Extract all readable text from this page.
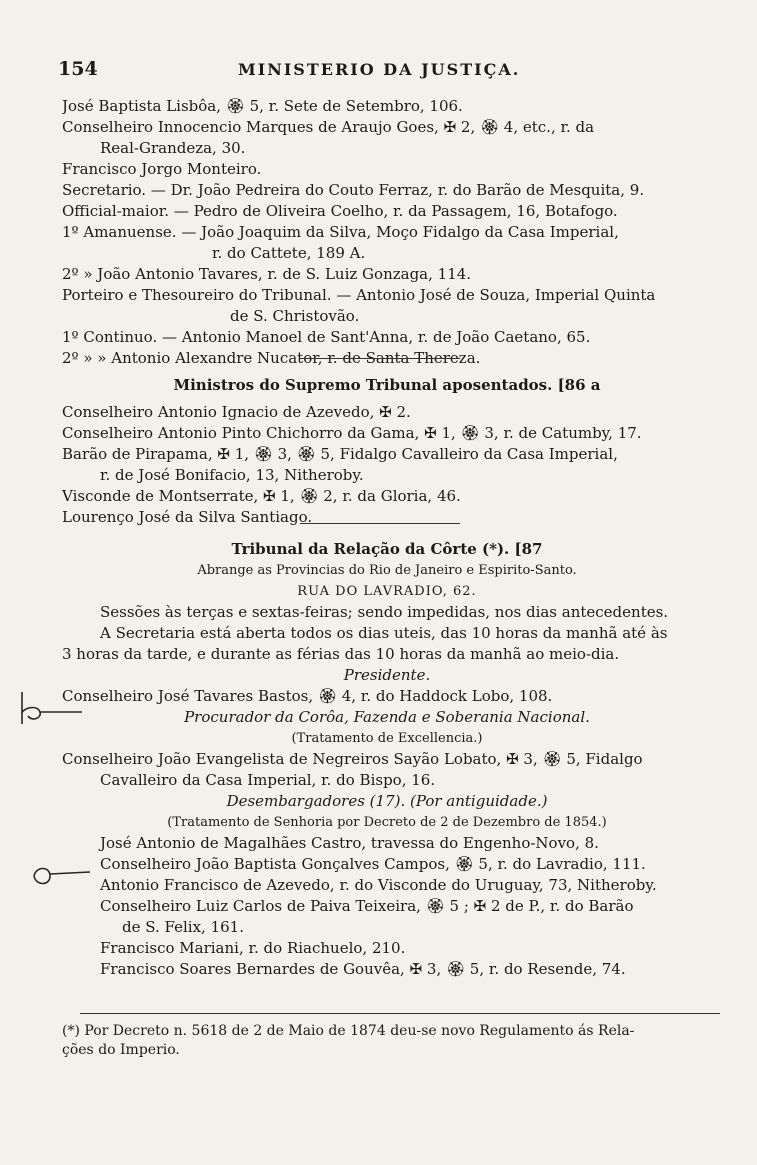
154	MINISTERIO DA JUSTIÇA.
José Baptista Lisbôa, 🏵 5, r. Sete de Setembro, 106.
Conselheiro Innocencio Marques de Araujo Goes, ✠ 2, 🏵 4, etc., r. da
Real-Grandeza, 30.
Francisco Jorgo Monteiro.
Secretario. — Dr. João Pedreira do Couto Ferraz, r. do Barão de Mesquita, 9.
Official-maior. — Pedro de Oliveira Coelho, r. da Passagem, 16, Botafogo.
1º Amanuense. — João Joaquim da Silva, Moço Fidalgo da Casa Imperial,
r. do Cattete, 189 A.
2º » João Antonio Tavares, r. de S. Luiz Gonzaga, 114.
Porteiro e Thesoureiro do Tribunal. — Antonio José de Souza, Imperial Quinta
de S. Christovão.
1º Continuo. — Antonio Manoel de Sant'Anna, r. de João Caetano, 65.
2º » » Antonio Alexandre Nucator, r. de Santa Thereza.
Ministros do Supremo Tribunal aposentados. [86 a
Conselheiro Antonio Ignacio de Azevedo, ✠ 2.
Conselheiro Antonio Pinto Chichorro da Gama, ✠ 1, 🏵 3, r. de Catumby, 17.
Barão de Pirapama, ✠ 1, 🏵 3, 🏵 5, Fidalgo Cavalleiro da Casa Imperial,
r. de José Bonifacio, 13, Nitheroby.
Visconde de Montserrate, ✠ 1, 🏵 2, r. da Gloria, 46.
Lourenço José da Silva Santiago.
Tribunal da Relação da Côrte (*). [87
Abrange as Provincias do Rio de Janeiro e Espirito-Santo.
RUA DO LAVRADIO, 62.
Sessões às terças e sextas-feiras; sendo impedidas, nos dias antecedentes.
A Secretaria está aberta todos os dias uteis, das 10 horas da manhã até às
3 horas da tarde, e durante as férias das 10 horas da manhã ao meio-dia.
Presidente.
Conselheiro José Tavares Bastos, 🏵 4, r. do Haddock Lobo, 108.
Procurador da Corôa, Fazenda e Soberania Nacional.
(Tratamento de Excellencia.)
Conselheiro João Evangelista de Negreiros Sayão Lobato, ✠ 3, 🏵 5, Fidalgo
Cavalleiro da Casa Imperial, r. do Bispo, 16.
Desembargadores (17). (Por antiguidade.)
(Tratamento de Senhoria por Decreto de 2 de Dezembro de 1854.)
José Antonio de Magalhães Castro, travessa do Engenho-Novo, 8.
Conselheiro João Baptista Gonçalves Campos, 🏵 5, r. do Lavradio, 111.
Antonio Francisco de Azevedo, r. do Visconde do Uruguay, 73, Nitheroby.
Conselheiro Luiz Carlos de Paiva Teixeira, 🏵 5 ; ✠ 2 de P., r. do Barão
de S. Felix, 161.
Francisco Mariani, r. do Riachuelo, 210.
Francisco Soares Bernardes de Gouvêa, ✠ 3, 🏵 5, r. do Resende, 74.
(*) Por Decreto n. 5618 de 2 de Maio de 1874 deu-se novo Regulamento ás Rela-
ções do Imperio.
